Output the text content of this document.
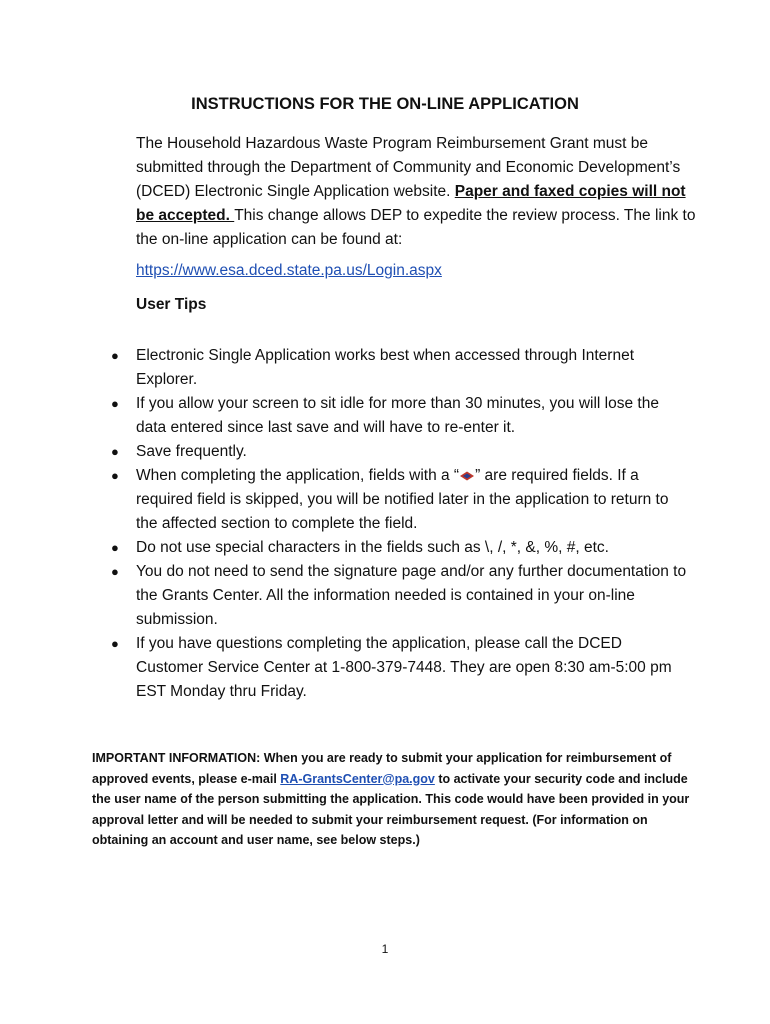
INSTRUCTIONS FOR THE ON-LINE APPLICATION
The Household Hazardous Waste Program Reimbursement Grant must be submitted through the Department of Community and Economic Development’s (DCED) Electronic Single Application website. Paper and faxed copies will not be accepted. This change allows DEP to expedite the review process. The link to the on-line application can be found at:
https://www.esa.dced.state.pa.us/Login.aspx
User Tips
● Electronic Single Application works best when accessed through Internet Explorer.
● If you allow your screen to sit idle for more than 30 minutes, you will lose the data entered since last save and will have to re-enter it.
● Save frequently.
● When completing the application, fields with a “ ” are required fields. If a required field is skipped, you will be notified later in the application to return to the affected section to complete the field.
● Do not use special characters in the fields such as \, /, *, &, %, #, etc.
● You do not need to send the signature page and/or any further documentation to the Grants Center. All the information needed is contained in your on-line submission.
● If you have questions completing the application, please call the DCED Customer Service Center at 1-800-379-7448. They are open 8:30 am-5:00 pm EST Monday thru Friday.
IMPORTANT INFORMATION: When you are ready to submit your application for reimbursement of approved events, please e-mail RA-GrantsCenter@pa.gov to activate your security code and include the user name of the person submitting the application. This code would have been provided in your approval letter and will be needed to submit your reimbursement request. (For information on obtaining an account and user name, see below steps.)
1
